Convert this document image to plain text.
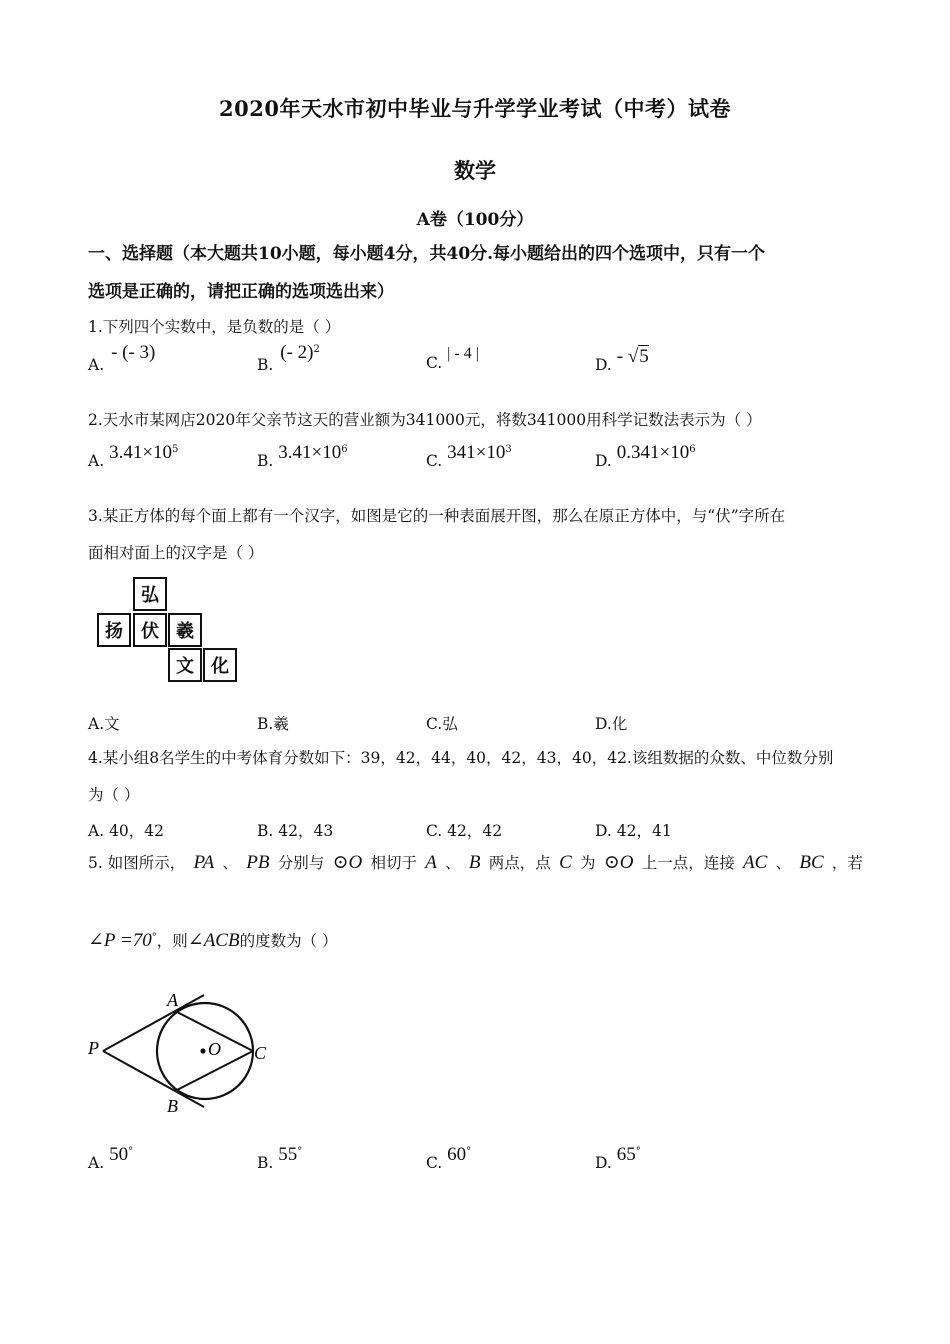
2020年天水市初中毕业与升学学业考试（中考）试卷
数学
A卷（100分）
一、选择题（本大题共10小题，每小题4分，共40分.每小题给出的四个选项中，只有一个
选项是正确的，请把正确的选项选出来）
1.下列四个实数中，是负数的是（ ）
A. - (- 3)
B. (- 2)$^2$
C. | - 4 |
D. - √5
2.天水市某网店2020年父亲节这天的营业额为341000元，将数341000用科学记数法表示为（ ）
A. $3.41\times 10^5$
B. $3.41\times 10^6$
C. $341\times 10^3$
D. $0.341\times 10^6$
3.某正方体的每个面上都有一个汉字，如图是它的一种表面展开图，那么在原正方体中，与“伏”字所在
面相对面上的汉字是（ ）
弘
扬	伏 羲
文 化
A.文	B.羲	C.弘	D.化
4.某小组8名学生的中考体育分数如下：39，42，44，40，42，43，40，42.该组数据的众数、中位数分别
为（ ）
A. 40，42	B. 42，43	C. 42，42	D. 42，41
5. 如图所示， PA 、 PB 分别与 ⊙O 相切于 A 、 B 两点，点 C 为 ⊙O 上一点，连接 AC 、 BC ，若
∠P =70°，则∠ACB的度数为（ ）
A
B
C
P	O
A. 50°
B. 55°
C. 60°
D. 65°
